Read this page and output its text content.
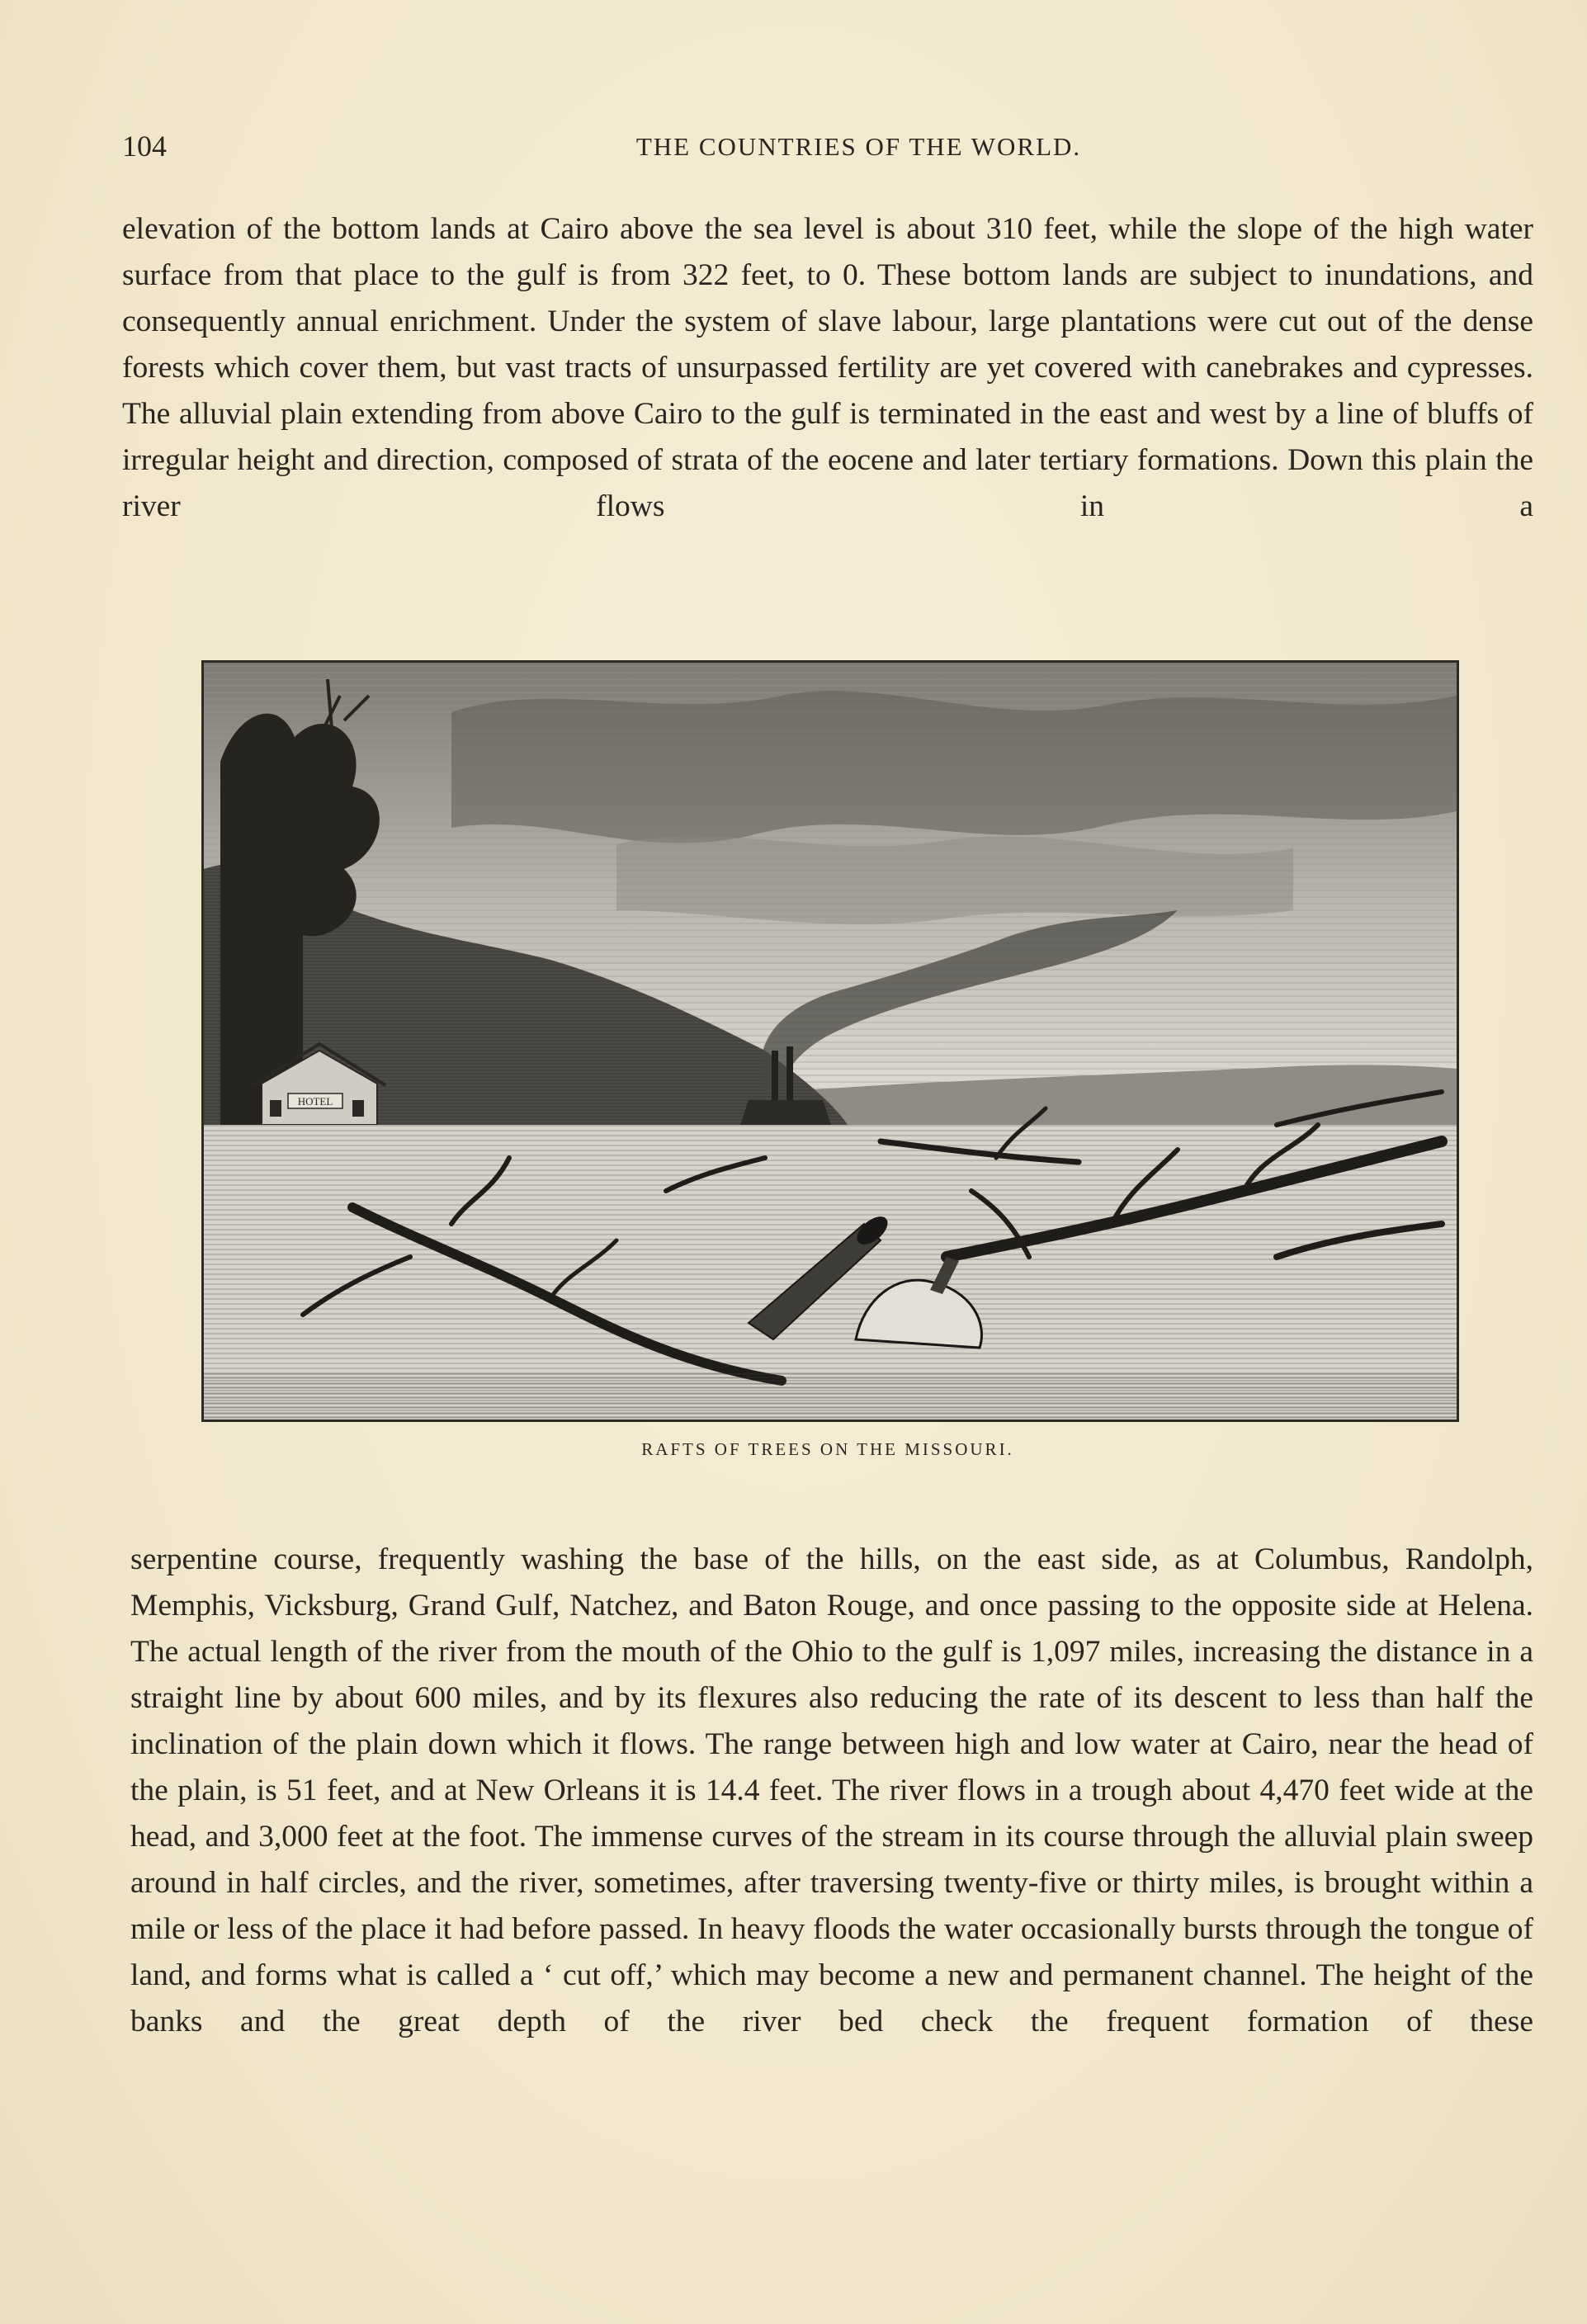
104	THE COUNTRIES OF THE WORLD.

elevation of the bottom lands at Cairo above the sea level is about 310 feet, while the slope of the high water surface from that place to the gulf is from 322 feet, to 0. These bottom lands are subject to inundations, and consequently annual enrichment. Under the system of slave labour, large plantations were cut out of the dense forests which cover them, but vast tracts of unsurpassed fertility are yet covered with canebrakes and cypresses. The alluvial plain extending from above Cairo to the gulf is terminated in the east and west by a line of bluffs of irregular height and direction, composed of strata of the eocene and later tertiary formations. Down this plain the river flows in a

HOTEL
RAFTS OF TREES ON THE MISSOURI.

serpentine course, frequently washing the base of the hills, on the east side, as at Columbus, Randolph, Memphis, Vicksburg, Grand Gulf, Natchez, and Baton Rouge, and once passing to the opposite side at Helena. The actual length of the river from the mouth of the Ohio to the gulf is 1,097 miles, increasing the distance in a straight line by about 600 miles, and by its flexures also reducing the rate of its descent to less than half the inclination of the plain down which it flows. The range between high and low water at Cairo, near the head of the plain, is 51 feet, and at New Orleans it is 14.4 feet. The river flows in a trough about 4,470 feet wide at the head, and 3,000 feet at the foot. The immense curves of the stream in its course through the alluvial plain sweep around in half circles, and the river, sometimes, after traversing twenty-five or thirty miles, is brought within a mile or less of the place it had before passed. In heavy floods the water occasionally bursts through the tongue of land, and forms what is called a ‘ cut off,’ which may become a new and permanent channel. The height of the banks and the great depth of the river bed check the frequent formation of these
